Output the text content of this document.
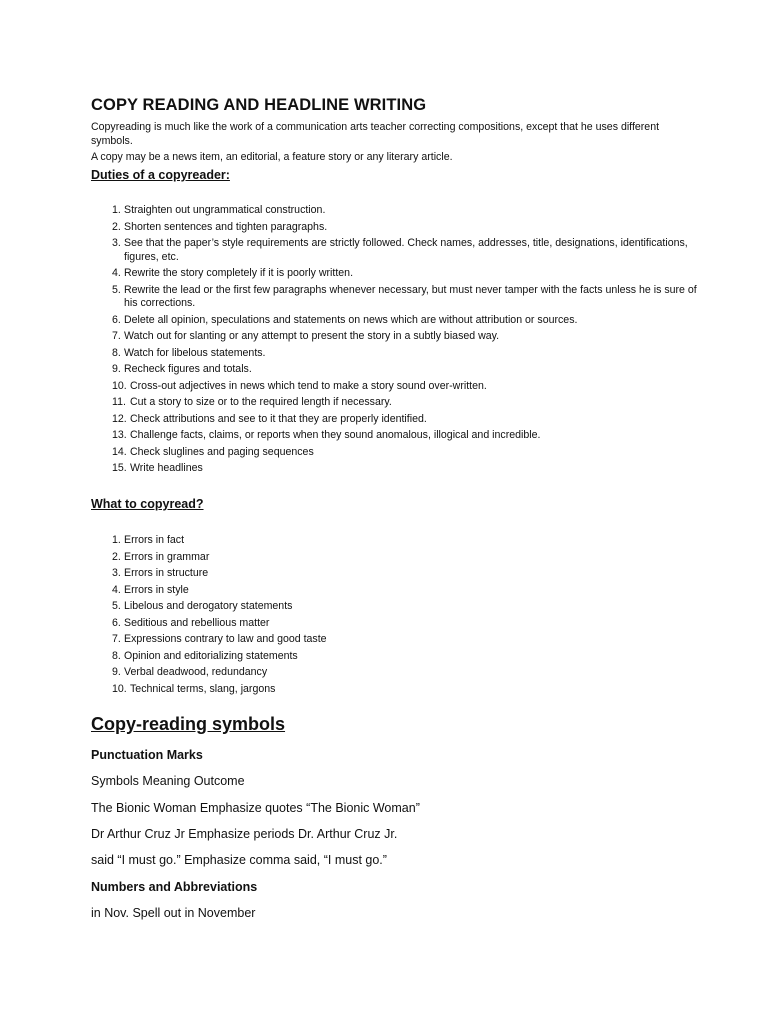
COPY READING AND HEADLINE WRITING

Copyreading is much like the work of a communication arts teacher correcting compositions, except that he uses different symbols.

A copy may be a news item, an editorial, a feature story or any literary article.

Duties of a copyreader:
1. Straighten out ungrammatical construction.
2. Shorten sentences and tighten paragraphs.
3. See that the paper’s style requirements are strictly followed. Check names, addresses, title, designations, identifications, figures, etc.
4. Rewrite the story completely if it is poorly written.
5. Rewrite the lead or the first few paragraphs whenever necessary, but must never tamper with the facts unless he is sure of his corrections.
6. Delete all opinion, speculations and statements on news which are without attribution or sources.
7. Watch out for slanting or any attempt to present the story in a subtly biased way.
8. Watch for libelous statements.
9. Recheck figures and totals.
10. Cross-out adjectives in news which tend to make a story sound over-written.
11. Cut a story to size or to the required length if necessary.
12. Check attributions and see to it that they are properly identified.
13. Challenge facts, claims, or reports when they sound anomalous, illogical and incredible.
14. Check sluglines and paging sequences
15. Write headlines
What to copyread?
1. Errors in fact
2. Errors in grammar
3. Errors in structure
4. Errors in style
5. Libelous and derogatory statements
6. Seditious and rebellious matter
7. Expressions contrary to law and good taste
8. Opinion and editorializing statements
9. Verbal deadwood, redundancy
10. Technical terms, slang, jargons
Copy-reading symbols

Punctuation Marks

Symbols Meaning Outcome

The Bionic Woman Emphasize quotes “The Bionic Woman”

Dr Arthur Cruz Jr Emphasize periods Dr. Arthur Cruz Jr.

said “I must go.” Emphasize comma said, “I must go.”

Numbers and Abbreviations

in Nov. Spell out in November
